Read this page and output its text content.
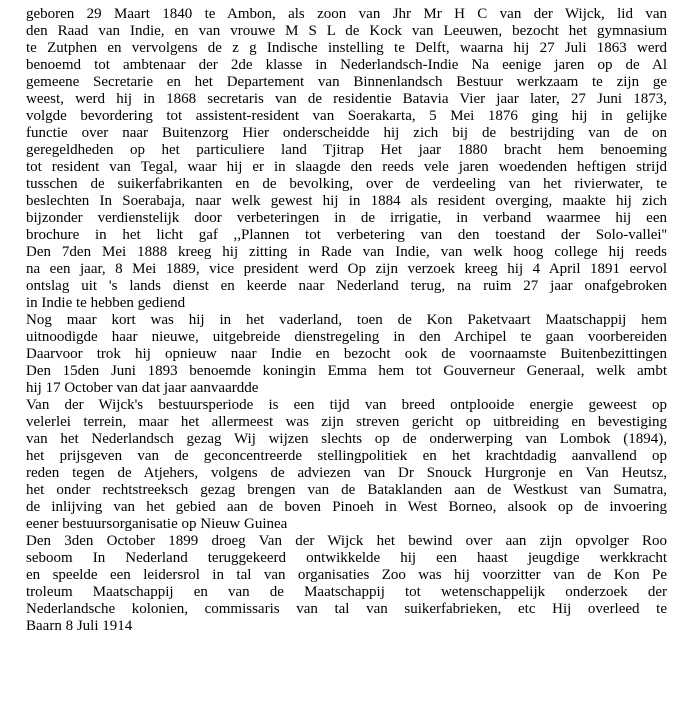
geboren 29 Maart 1840 te Ambon, als zoon van Jhr Mr H C van der Wijck, lid van
den Raad van Indie, en van vrouwe M S L de Kock van Leeuwen, bezocht het gymnasium
te Zutphen en vervolgens de z g Indische instelling te Delft, waarna hij 27 Juli 1863 werd
benoemd tot ambtenaar der 2de klasse in Nederlandsch-Indie Na eenige jaren op de Al
gemeene Secretarie en het Departement van Binnenlandsch Bestuur werkzaam te zijn ge
weest, werd hij in 1868 secretaris van de residentie Batavia Vier jaar later, 27 Juni 1873,
volgde bevordering tot assistent-resident van Soerakarta, 5 Mei 1876 ging hij in gelijke
functie over naar Buitenzorg Hier onderscheidde hij zich bij de bestrijding van de on
geregeldheden op het particuliere land Tjitrap Het jaar 1880 bracht hem benoeming
tot resident van Tegal, waar hij er in slaagde den reeds vele jaren woedenden heftigen strijd
tusschen de suikerfabrikanten en de bevolking, over de verdeeling van het rivierwater, te
beslechten In Soerabaja, naar welk gewest hij in 1884 als resident overging, maakte hij zich
bijzonder verdienstelijk door verbeteringen in de irrigatie, in verband waarmee hij een
brochure in het licht gaf ,,Plannen tot verbetering van den toestand der Solo-vallei''
Den 7den Mei 1888 kreeg hij zitting in Rade van Indie, van welk hoog college hij reeds
na een jaar, 8 Mei 1889, vice president werd Op zijn verzoek kreeg hij 4 April 1891 eervol
ontslag uit 's lands dienst en keerde naar Nederland terug, na ruim 27 jaar onafgebroken
in Indie te hebben gediend
Nog maar kort was hij in het vaderland, toen de Kon Paketvaart Maatschappij hem
uitnoodigde haar nieuwe, uitgebreide dienstregeling in den Archipel te gaan voorbereiden
Daarvoor trok hij opnieuw naar Indie en bezocht ook de voornaamste Buitenbezittingen
Den 15den Juni 1893 benoemde koningin Emma hem tot Gouverneur Generaal, welk ambt
hij 17 October van dat jaar aanvaardde
Van der Wijck's bestuursperiode is een tijd van breed ontplooide energie geweest op
velerlei terrein, maar het allermeest was zijn streven gericht op uitbreiding en bevestiging
van het Nederlandsch gezag Wij wijzen slechts op de onderwerping van Lombok (1894),
het prijsgeven van de geconcentreerde stellingpolitiek en het krachtdadig aanvallend op
reden tegen de Atjehers, volgens de adviezen van Dr Snouck Hurgronje en Van Heutsz,
het onder rechtstreeksch gezag brengen van de Bataklanden aan de Westkust van Sumatra,
de inlijving van het gebied aan de boven Pinoeh in West Borneo, alsook op de invoering
eener bestuursorganisatie op Nieuw Guinea
Den 3den October 1899 droeg Van der Wijck het bewind over aan zijn opvolger Roo
seboom In Nederland teruggekeerd ontwikkelde hij een haast jeugdige werkkracht
en speelde een leidersrol in tal van organisaties Zoo was hij voorzitter van de Kon Pe
troleum Maatschappij en van de Maatschappij tot wetenschappelijk onderzoek der
Nederlandsche kolonien, commissaris van tal van suikerfabrieken, etc Hij overleed te
Baarn 8 Juli 1914
